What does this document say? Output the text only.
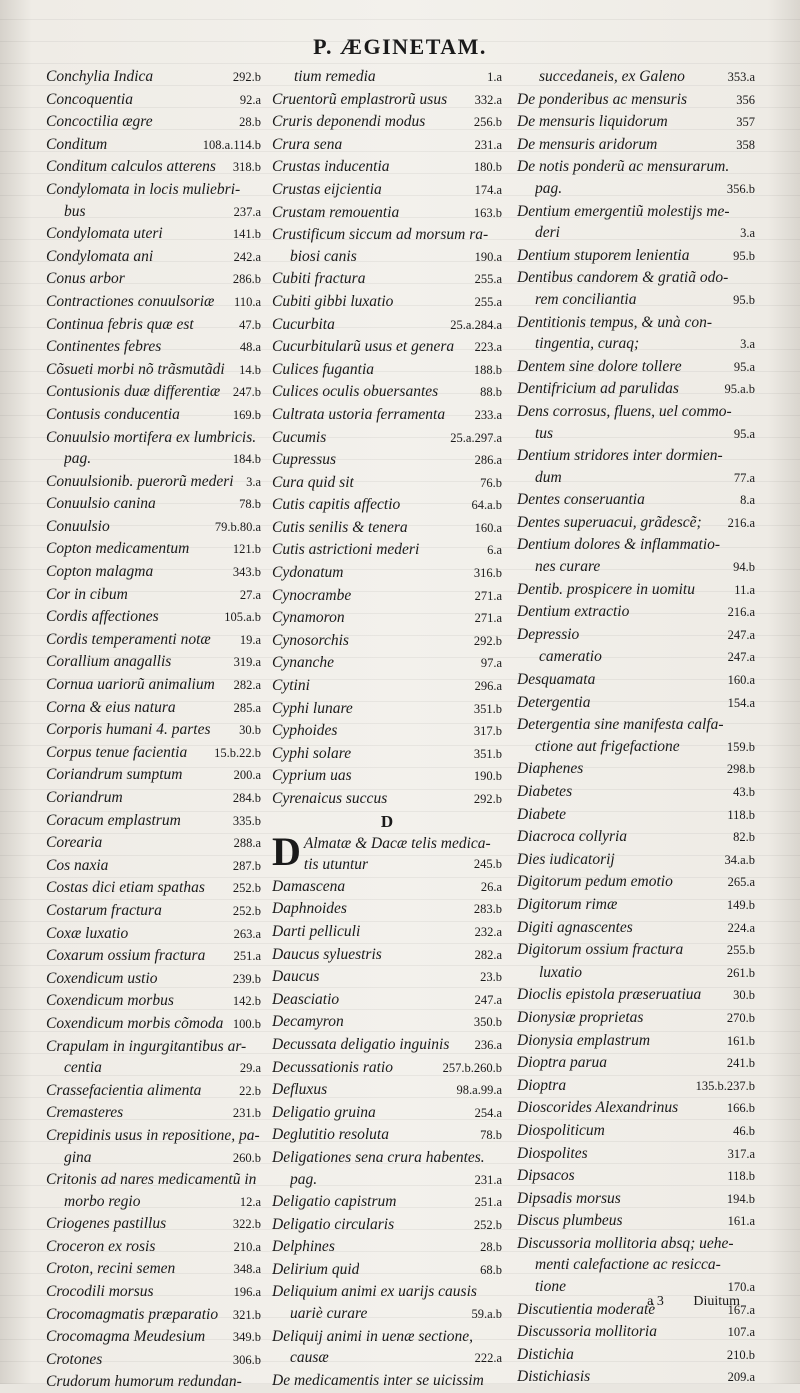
P. ÆGINETAM.
Conchylia Indica	292.b
Concoquentia	92.a
Concoctilia ægre	28.b
Conditum	108.a.114.b
Conditum calculos atterens	318.b
Condylomata in locis muliebri-
bus	237.a
Condylomata uteri	141.b
Condylomata ani	242.a
Conus arbor	286.b
Contractiones conuulsoriæ	110.a
Continua febris quæ est	47.b
Continentes febres	48.a
Cõsueti morbi nõ trãsmutãdi	14.b
Contusionis duæ differentiæ	247.b
Contusis conducentia	169.b
Conuulsio mortifera ex lumbricis.
pag.	184.b
Conuulsionib. puerorũ mederi 3.a
Conuulsio canina	78.b
Conuulsio	79.b.80.a
Copton medicamentum	121.b
Copton malagma	343.b
Cor in cibum	27.a
Cordis affectiones	105.a.b
Cordis temperamenti notæ	19.a
Corallium anagallis	319.a
Cornua uariorũ animalium	282.a
Corna & eius natura	285.a
Corporis humani 4. partes	30.b
Corpus tenue facientia	15.b.22.b
Coriandrum sumptum	200.a
Coriandrum	284.b
Coracum emplastrum	335.b
Corearia	288.a
Cos naxia	287.b
Costas dici etiam spathas	252.b
Costarum fractura	252.b
Coxæ luxatio	263.a
Coxarum ossium fractura	251.a
Coxendicum ustio	239.b
Coxendicum morbus	142.b
Coxendicum morbis cõmoda 100.b
Crapulam in ingurgitantibus ar-
centia	29.a
Crassefacientia alimenta	22.b
Cremasteres	231.b
Crepidinis usus in repositione, pa-
gina	260.b
Critonis ad nares medicamentũ in
morbo regio	12.a
Criogenes pastillus	322.b
Croceron ex rosis	210.a
Croton, recini semen	348.a
Crocodili morsus	196.a
Crocomagmatis præparatio	321.b
Crocomagma Meudesium	349.b
Crotones	306.b
Crudorum humorum redundan-
tium remedia	1.a
Cruentorũ emplastrorũ usus	332.a
Cruris deponendi modus	256.b
Crura sena	231.a
Crustas inducentia	180.b
Crustas eijcientia	174.a
Crustam remouentia	163.b
Crustificum siccum ad morsum ra-
biosi canis	190.a
Cubiti fractura	255.a
Cubiti gibbi luxatio	255.a
Cucurbita	25.a.284.a
Cucurbitularũ usus et genera	223.a
Culices fugantia	188.b
Culices oculis obuersantes	88.b
Cultrata ustoria ferramenta	233.a
Cucumis	25.a.297.a
Cupressus	286.a
Cura quid sit	76.b
Cutis capitis affectio	64.a.b
Cutis senilis & tenera	160.a
Cutis astrictioni mederi	6.a
Cydonatum	316.b
Cynocrambe	271.a
Cynamoron	271.a
Cynosorchis	292.b
Cynanche	97.a
Cytini	296.a
Cyphi lunare	351.b
Cyphoides	317.b
Cyphi solare	351.b
Cyprium uas	190.b
Cyrenaicus succus	292.b
D
D Almatæ & Dacæ telis medica-
tis utuntur	245.b
Damascena	26.a
Daphnoides	283.b
Darti pelliculi	232.a
Daucus syluestris	282.a
Daucus	23.b
Deasciatio	247.a
Decamyron	350.b
Decussata deligatio inguinis	236.a
Decussationis ratio	257.b.260.b
Defluxus	98.a.99.a
Deligatio gruina	254.a
Deglutitio resoluta	78.b
Deligationes sena crura habentes.
pag.	231.a
Deligatio capistrum	251.a
Deligatio circularis	252.b
Delphines	28.b
Delirium quid	68.b
Deliquium animi ex uarijs causis
uariè curare	59.a.b
Deliquij animi in uenæ sectione,
causæ	222.a
De medicamentis inter se uicissim
succedaneis, ex Galeno	353.a
De ponderibus ac mensuris	356
De mensuris liquidorum	357
De mensuris aridorum	358
De notis ponderũ ac mensurarum.
pag.	356.b
Dentium emergentiũ molestijs me-
deri	3.a
Dentium stuporem lenientia	95.b
Dentibus candorem & gratiã odo-
rem conciliantia	95.b
Dentitionis tempus, & unà con-
tingentia, curaq;	3.a
Dentem sine dolore tollere	95.a
Dentifricium ad parulidas	95.a.b
Dens corrosus, fluens, uel commo-
tus	95.a
Dentium stridores inter dormien-
dum	77.a
Dentes conseruantia	8.a
Dentes superuacui, grãdescẽ;	216.a
Dentium dolores & inflammatio-
nes curare	94.b
Dentib. prospicere in uomitu	11.a
Dentium extractio	216.a
Depressio	247.a
cameratio	247.a
Desquamata	160.a
Detergentia	154.a
Detergentia sine manifesta calfa-
ctione aut frigefactione	159.b
Diaphenes	298.b
Diabetes	43.b
Diabete	118.b
Diacroca collyria	82.b
Dies iudicatorij	34.a.b
Digitorum pedum emotio	265.a
Digitorum rimæ	149.b
Digiti agnascentes	224.a
Digitorum ossium fractura	255.b
luxatio	261.b
Dioclis epistola præseruatiua	30.b
Dionysiæ proprietas	270.b
Dionysia emplastrum	161.b
Dioptra parua	241.b
Dioptra	135.b.237.b
Dioscorides Alexandrinus	166.b
Diospoliticum	46.b
Diospolites	317.a
Dipsacos	118.b
Dipsadis morsus	194.b
Discus plumbeus	161.a
Discussoria mollitoria absq; uehe-
menti calefactione ac resicca-
tione	170.a
Discutientia moderatè	167.a
Discussoria mollitoria	107.a
Distichia	210.b
Distichiasis	209.a
a 3 Diuitum
